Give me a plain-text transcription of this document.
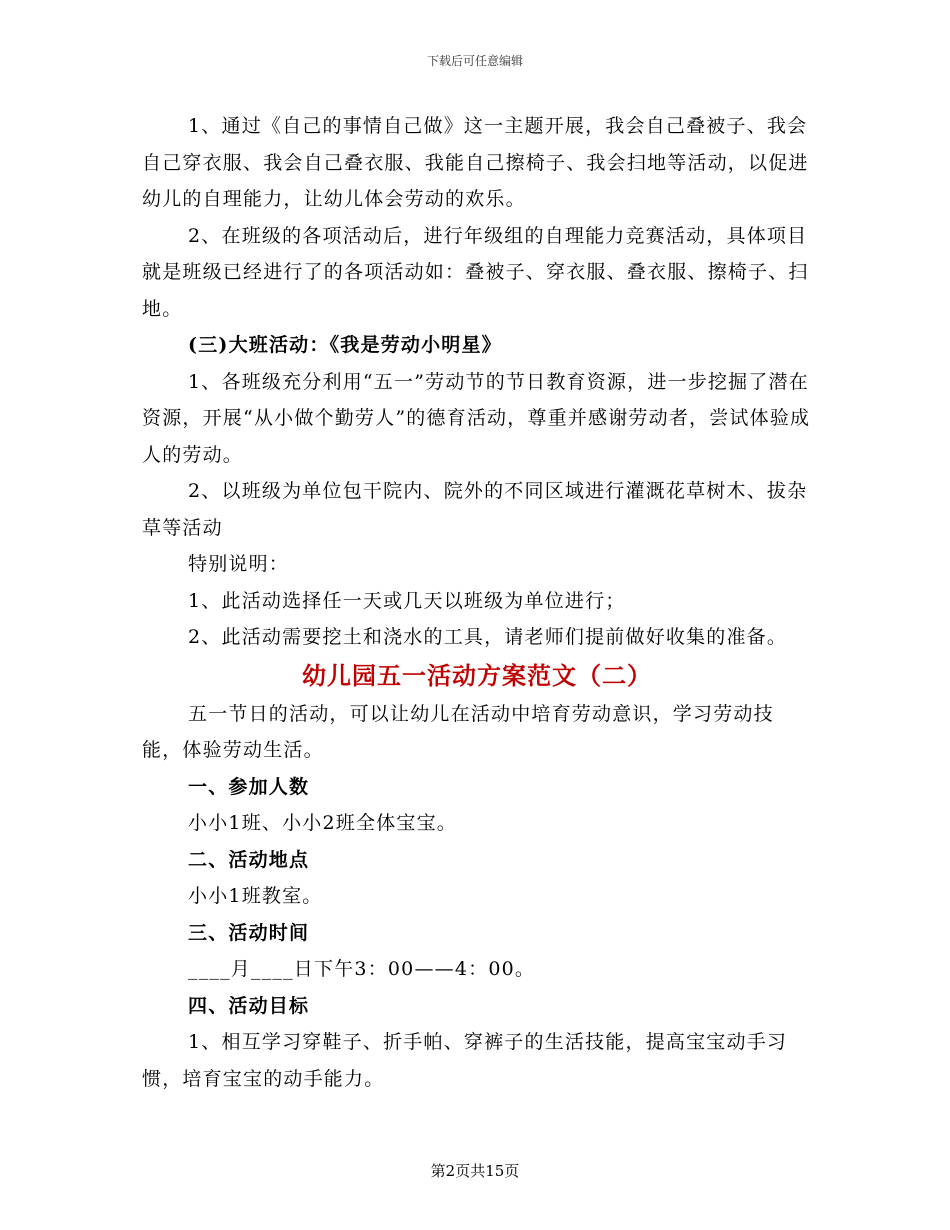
下载后可任意编辑

1、通过《自己的事情自己做》这一主题开展，我会自己叠被子、我会自己穿衣服、我会自己叠衣服、我能自己擦椅子、我会扫地等活动，以促进幼儿的自理能力，让幼儿体会劳动的欢乐。

2、在班级的各项活动后，进行年级组的自理能力竞赛活动，具体项目就是班级已经进行了的各项活动如：叠被子、穿衣服、叠衣服、擦椅子、扫地。

(三)大班活动：《我是劳动小明星》

1、各班级充分利用“五一”劳动节的节日教育资源，进一步挖掘了潜在资源，开展“从小做个勤劳人”的德育活动，尊重并感谢劳动者，尝试体验成人的劳动。

2、以班级为单位包干院内、院外的不同区域进行灌溉花草树木、拔杂草等活动

特别说明：

1、此活动选择任一天或几天以班级为单位进行；

2、此活动需要挖土和浇水的工具，请老师们提前做好收集的准备。

幼儿园五一活动方案范文（二）

五一节日的活动，可以让幼儿在活动中培育劳动意识，学习劳动技能，体验劳动生活。

一、参加人数

小小1班、小小2班全体宝宝。

二、活动地点

小小1班教室。

三、活动时间

____月____日下午3：00——4：00。

四、活动目标

1、相互学习穿鞋子、折手帕、穿裤子的生活技能，提高宝宝动手习惯，培育宝宝的动手能力。

第2页共15页
